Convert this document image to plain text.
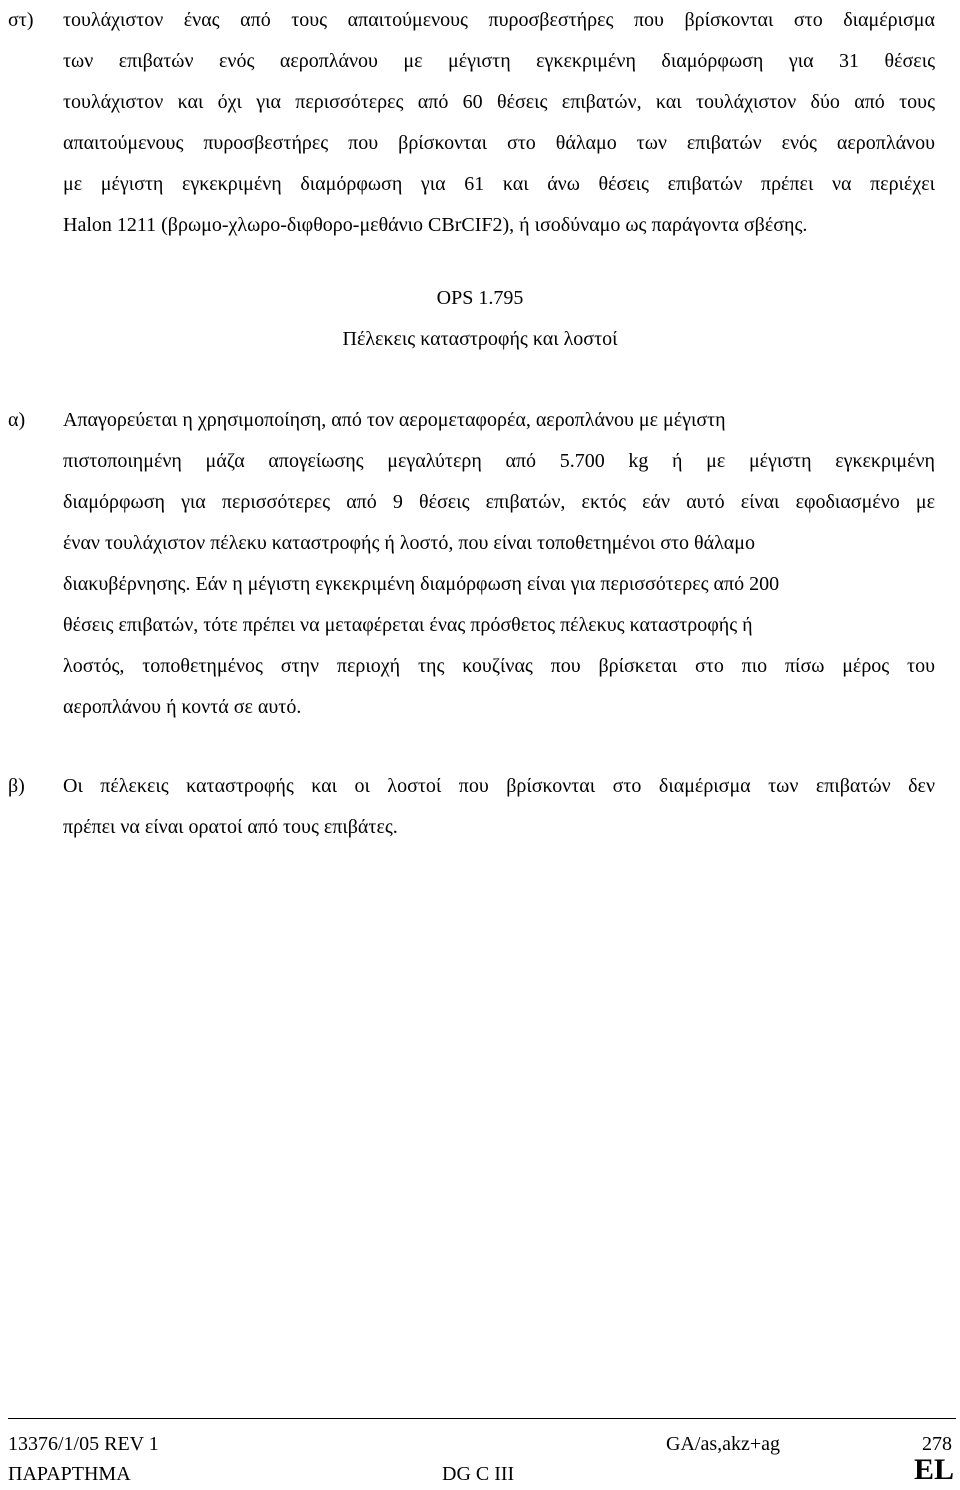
στ) τουλάχιστον ένας από τους απαιτούμενους πυροσβεστήρες που βρίσκονται στο διαμέρισμα
των επιβατών ενός αεροπλάνου με μέγιστη εγκεκριμένη διαμόρφωση για 31 θέσεις
τουλάχιστον και όχι για περισσότερες από 60 θέσεις επιβατών, και τουλάχιστον δύο από τους
απαιτούμενους πυροσβεστήρες που βρίσκονται στο θάλαμο των επιβατών ενός αεροπλάνου
με μέγιστη εγκεκριμένη διαμόρφωση για 61 και άνω θέσεις επιβατών πρέπει να περιέχει
Halon 1211 (βρωμο-χλωρο-διφθορο-μεθάνιο CBrCIF2), ή ισοδύναμο ως παράγοντα σβέσης.
OPS 1.795
Πέλεκεις καταστροφής και λοστοί
α) Απαγορεύεται η χρησιμοποίηση, από τον αερομεταφορέα, αεροπλάνου με μέγιστη
πιστοποιημένη μάζα απογείωσης μεγαλύτερη από 5.700 kg ή με μέγιστη εγκεκριμένη
διαμόρφωση για περισσότερες από 9 θέσεις επιβατών, εκτός εάν αυτό είναι εφοδιασμένο με
έναν τουλάχιστον πέλεκυ καταστροφής ή λοστό, που είναι τοποθετημένοι στο θάλαμο
διακυβέρνησης. Εάν η μέγιστη εγκεκριμένη διαμόρφωση είναι για περισσότερες από 200
θέσεις επιβατών, τότε πρέπει να μεταφέρεται ένας πρόσθετος πέλεκυς καταστροφής ή
λοστός, τοποθετημένος στην περιοχή της κουζίνας που βρίσκεται στο πιο πίσω μέρος του
αεροπλάνου ή κοντά σε αυτό.
β) Οι πέλεκεις καταστροφής και οι λοστοί που βρίσκονται στο διαμέρισμα των επιβατών δεν
πρέπει να είναι ορατοί από τους επιβάτες.
13376/1/05 REV 1
ΠΑΡΑΡΤΗΜΑ
GA/as,akz+ag
DG C III
278
EL
